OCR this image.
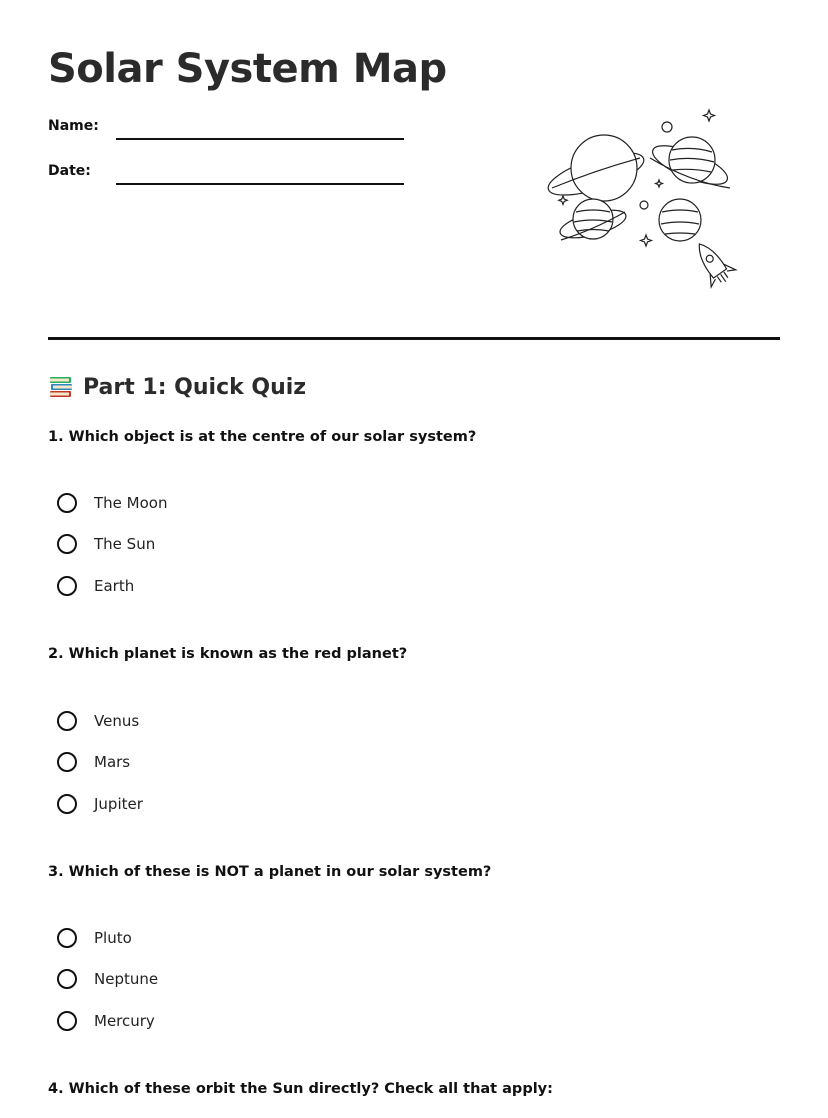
Solar System Map
Name:
Date:
Part 1: Quick Quiz

1. Which object is at the centre of our solar system?

The Moon
The Sun
Earth

2. Which planet is known as the red planet?

Venus
Mars
Jupiter

3. Which of these is NOT a planet in our solar system?

Pluto
Neptune
Mercury

4. Which of these orbit the Sun directly? Check all that apply:
